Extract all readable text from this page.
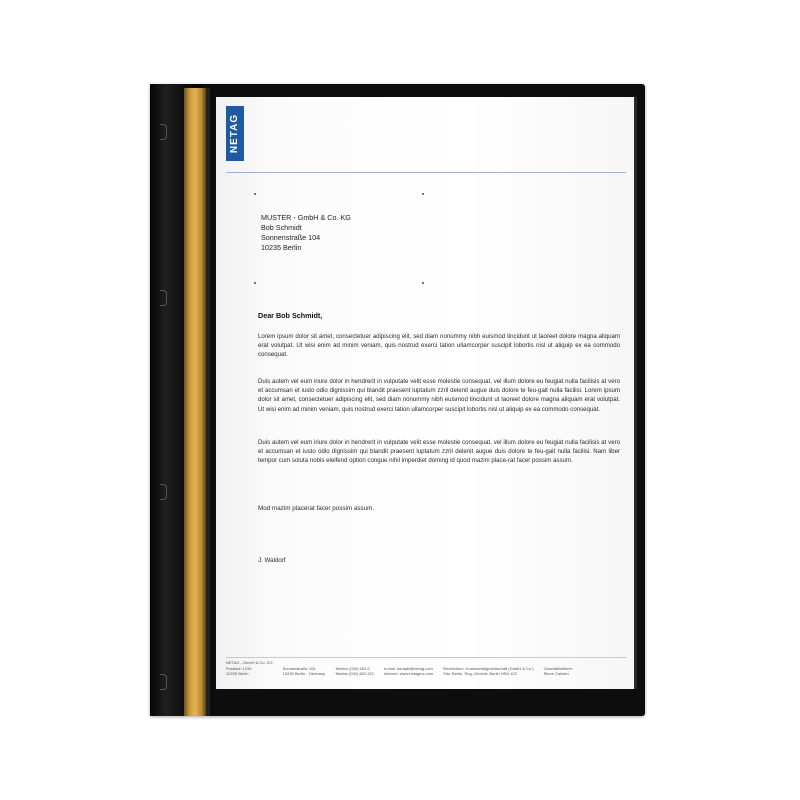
NETAG
MUSTER - GmbH & Co. KG
Bob Schmidt
Sonnenstraße 104
10235 Berlin
Dear Bob Schmidt,
Lorem ipsum dolor sit amet, consectetuer adipiscing elit, sed diam nonummy nibh euismod tincidunt ut laoreet dolore magna aliquam erat volutpat. Ut wisi enim ad minim veniam, quis nostrud exerci tation ullamcorper suscipit lobortis nisl ut aliquip ex ea commodo consequat.
Duis autem vel eum iriure dolor in hendrerit in vulputate velit esse molestie consequat, vel illum dolore eu feugiat nulla facilisis at vero et accumsan et iusto odio dignissim qui blandit praesent luptatum zzril delenit augue duis dolore te feu-gait nulla facilisi. Lorem ipsum dolor sit amet, consectetuer adipiscing elit, sed diam nonummy nibh euismod tincidunt ut laoreet dolore magna aliquam erat volutpat. Ut wisi enim ad minim veniam, quis nostrud exerci tation ullamcorper suscipit lobortis nisl ut aliquip ex ea commodo consequat.
Duis autem vel eum iriure dolor in hendrerit in vulputate velit esse molestie consequat, vel illum dolore eu feugiat nulla facilisis at vero et accumsan et iusto odio dignissim qui blandit praesent luptatum zzril delenit augue duis dolore te feu-gait nulla facilisi. Nam liber tempor cum soluta nobis eleifend option congue nihil imperdiet doming id quod mazim place-rat facer possim assum.
Mod mazim placerat facer possim assum.
J. Waldorf
NETAG - GmbH & Co. KG
Postfach 1234
10235 Berlin

Sonnenstraße 104
10235 Berlin - Germany

Telefon (030) 662-0
Telefax (030) 662-221

e-mail: kontakt@netag.com
Internet: www.netaginc.com

Rechtsform: Kommanditgesellschaft (GmbH & Co.)
Sitz: Berlin, Reg.-Gericht: Berlin HRA 123

Geschäftsführer:
Steve Carlsen
